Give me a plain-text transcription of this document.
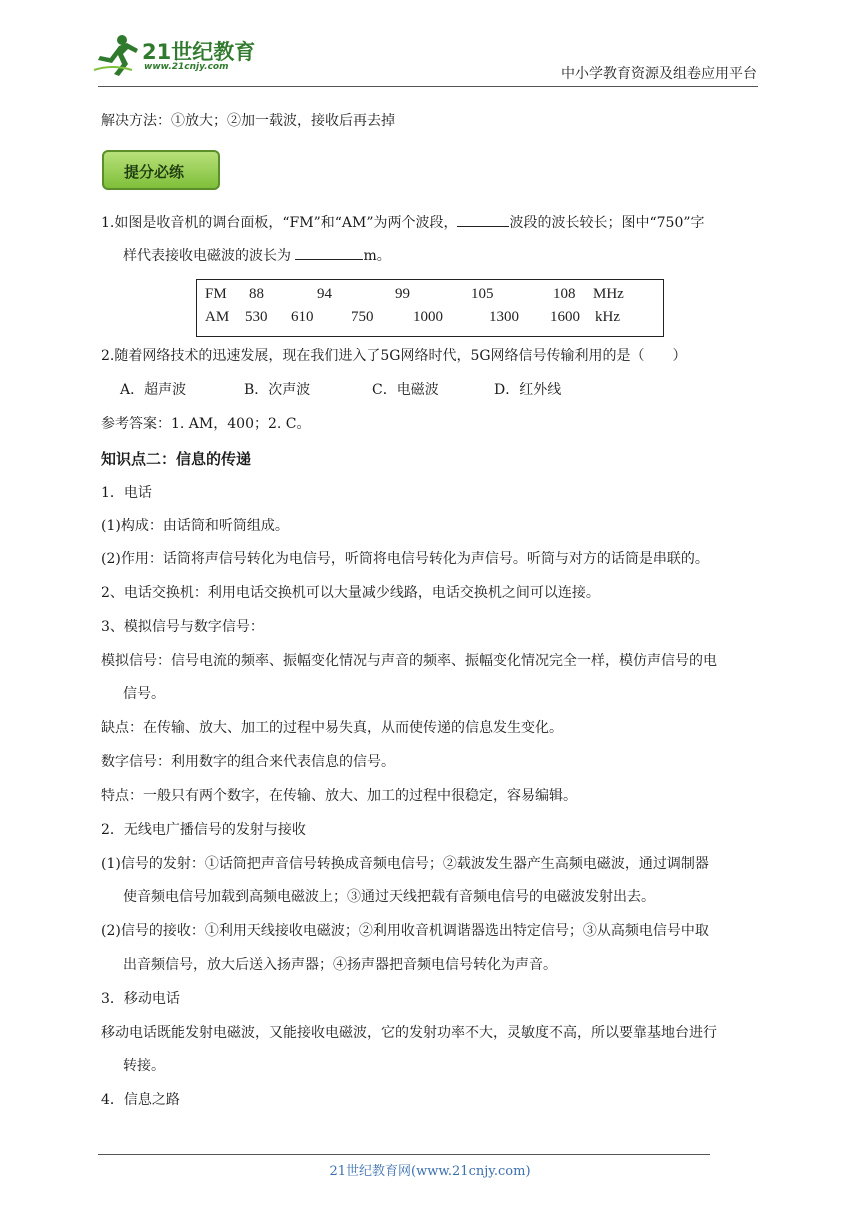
21世纪教育
www.21cnjy.com	中小学教育资源及组卷应用平台
解决方法：①放大；②加一载波，接收后再去掉
提分必练
1.如图是收音机的调台面板，“FM”和“AM”为两个波段，	波段的波长较长；图中“750”字
样代表接收电磁波的波长为	m。
FM 88	94	99	105	108 MHz
AM 530 610	750	1000	1300 1600 kHz
2.随着网络技术的迅速发展，现在我们进入了5G网络时代，5G网络信号传输利用的是（　　）
A．超声波	B．次声波	C．电磁波	D．红外线
参考答案：1. AM，400；2. C。
知识点二：信息的传递
1．电话
(1)构成：由话筒和听筒组成。
(2)作用：话筒将声信号转化为电信号，听筒将电信号转化为声信号。听筒与对方的话筒是串联的。
2、电话交换机：利用电话交换机可以大量减少线路，电话交换机之间可以连接。
3、模拟信号与数字信号：
模拟信号：信号电流的频率、振幅变化情况与声音的频率、振幅变化情况完全一样，模仿声信号的电
信号。
缺点：在传输、放大、加工的过程中易失真，从而使传递的信息发生变化。
数字信号：利用数字的组合来代表信息的信号。
特点：一般只有两个数字，在传输、放大、加工的过程中很稳定，容易编辑。
2．无线电广播信号的发射与接收
(1)信号的发射：①话筒把声音信号转换成音频电信号；②载波发生器产生高频电磁波，通过调制器
使音频电信号加载到高频电磁波上；③通过天线把载有音频电信号的电磁波发射出去。
(2)信号的接收：①利用天线接收电磁波；②利用收音机调谐器选出特定信号；③从高频电信号中取
出音频信号，放大后送入扬声器；④扬声器把音频电信号转化为声音。
3．移动电话
移动电话既能发射电磁波，又能接收电磁波，它的发射功率不大，灵敏度不高，所以要靠基地台进行
转接。
4．信息之路
21世纪教育网(www.21cnjy.com)
